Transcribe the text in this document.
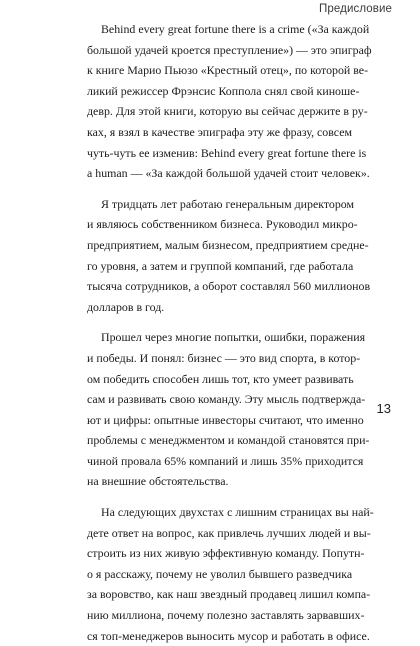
Предисловие

Behind every great fortune there is a crime («За каждой
большой удачей кроется преступление») — это эпиграф
к книге Марио Пьюзо «Крестный отец», по которой ве-
ликий режиссер Фрэнсис Коппола снял свой киноше-
девр. Для этой книги, которую вы сейчас держите в ру-
ках, я взял в качестве эпиграфа эту же фразу, совсем
чуть-чуть ее изменив: Behind every great fortune there is
a human — «За каждой большой удачей стоит человек».

Я тридцать лет работаю генеральным директором
и являюсь собственником бизнеса. Руководил микро-
предприятием, малым бизнесом, предприятием средне-
го уровня, а затем и группой компаний, где работала
тысяча сотрудников, а оборот составлял 560 миллионов
долларов в год.

Прошел через многие попытки, ошибки, поражения
и победы. И понял: бизнес — это вид спорта, в котор-
ом победить способен лишь тот, кто умеет развивать
сам и развивать свою команду. Эту мысль подтвержда-
ют и цифры: опытные инвесторы считают, что именно
проблемы с менеджментом и командой становятся при-
чиной провала 65% компаний и лишь 35% приходится
на внешние обстоятельства.

На следующих двухстах с лишним страницах вы най-
дете ответ на вопрос, как привлечь лучших людей и вы-
строить из них живую эффективную команду. Попутн-
о я расскажу, почему не уволил бывшего разведчика
за воровство, как наш звездный продавец лишил компа-
нию миллиона, почему полезно заставлять зарвавших-
ся топ-менеджеров выносить мусор и работать в офисе.

13
